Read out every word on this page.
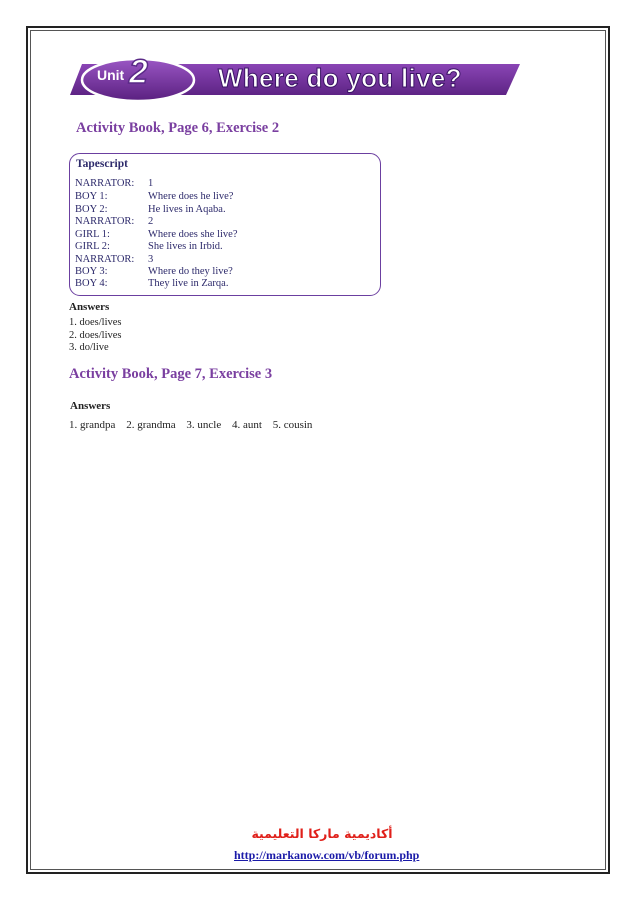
Unit 2	Where do you live?
Activity Book, Page 6, Exercise 2
Tapescript
NARRATOR: 1
BOY 1:	Where does he live?
BOY 2:	He lives in Aqaba.
NARRATOR: 2
GIRL 1:	Where does she live?
GIRL 2:	She lives in Irbid.
NARRATOR: 3
BOY 3:	Where do they live?
BOY 4:	They live in Zarqa.
Answers
1. does/lives
2. does/lives
3. do/live
Activity Book, Page 7, Exercise 3
Answers
1. grandpa 2. grandma 3. uncle 4. aunt 5. cousin
أكاديمية ماركا التعليمية
http://markanow.com/vb/forum.php
